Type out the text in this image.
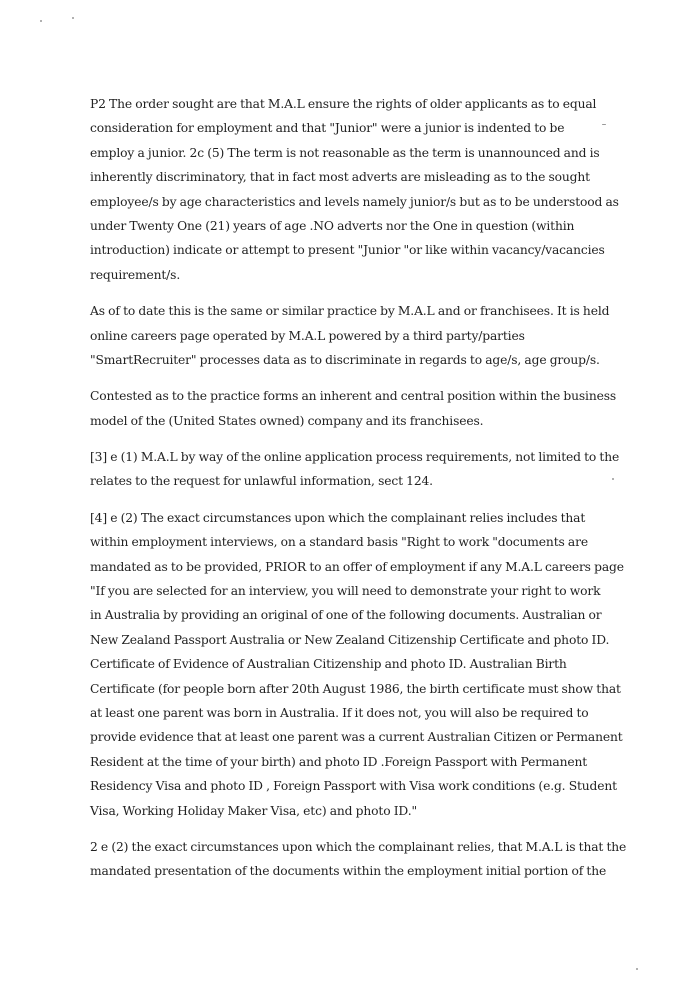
P2 The order sought are that M.A.L ensure the rights of older applicants as to equal
consideration for employment and that "Junior" were a junior is indented to be
employ a junior. 2c (5) The term is not reasonable as the term is unannounced and is
inherently discriminatory, that in fact most adverts are misleading as to the sought
employee/s by age characteristics and levels namely junior/s but as to be understood as
under Twenty One (21) years of age .NO adverts nor the One in question (within
introduction) indicate or attempt to present "Junior "or like within vacancy/vacancies
requirement/s.

As of to date this is the same or similar practice by M.A.L and or franchisees. It is held
online careers page operated by M.A.L powered by a third party/parties
"SmartRecruiter" processes data as to discriminate in regards to age/s, age group/s.

Contested as to the practice forms an inherent and central position within the business
model of the (United States owned) company and its franchisees.

[3] e (1) M.A.L by way of the online application process requirements, not limited to the
relates to the request for unlawful information, sect 124.

[4] e (2) The exact circumstances upon which the complainant relies includes that
within employment interviews, on a standard basis "Right to work "documents are
mandated as to be provided, PRIOR to an offer of employment if any M.A.L careers page
"If you are selected for an interview, you will need to demonstrate your right to work
in Australia by providing an original of one of the following documents. Australian or
New Zealand Passport Australia or New Zealand Citizenship Certificate and photo ID.
Certificate of Evidence of Australian Citizenship and photo ID. Australian Birth
Certificate (for people born after 20th August 1986, the birth certificate must show that
at least one parent was born in Australia. If it does not, you will also be required to
provide evidence that at least one parent was a current Australian Citizen or Permanent
Resident at the time of your birth) and photo ID .Foreign Passport with Permanent
Residency Visa and photo ID , Foreign Passport with Visa work conditions (e.g. Student
Visa, Working Holiday Maker Visa, etc) and photo ID."

2 e (2) the exact circumstances upon which the complainant relies, that M.A.L is that the
mandated presentation of the documents within the employment initial portion of the
